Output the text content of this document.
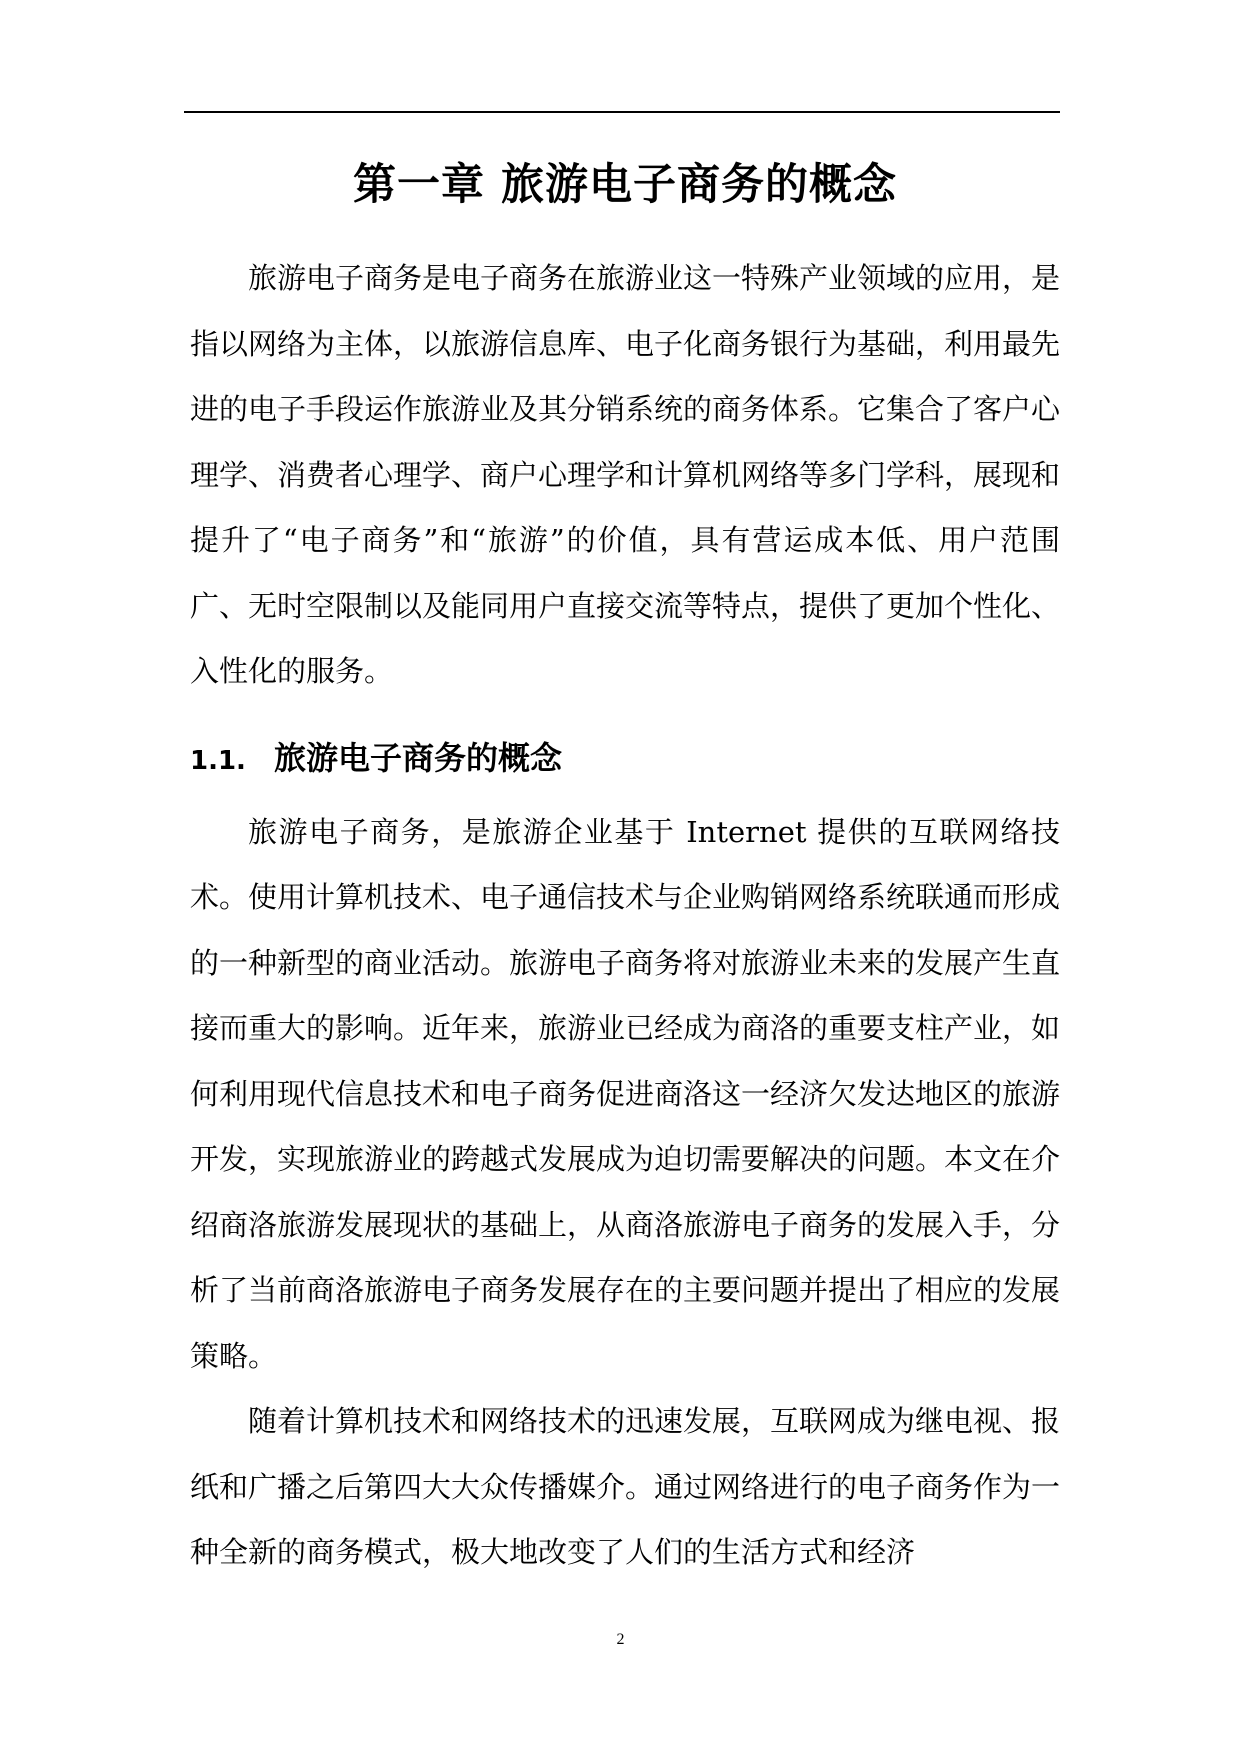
第一章 旅游电子商务的概念

旅游电子商务是电子商务在旅游业这一特殊产业领域的应用，是指以网络为主体，以旅游信息库、电子化商务银行为基础，利用最先进的电子手段运作旅游业及其分销系统的商务体系。它集合了客户心理学、消费者心理学、商户心理学和计算机网络等多门学科，展现和提升了“电子商务”和“旅游”的价值，具有营运成本低、用户范围广、无时空限制以及能同用户直接交流等特点，提供了更加个性化、入性化的服务。

1.1. 旅游电子商务的概念

旅游电子商务，是旅游企业基于 Internet 提供的互联网络技术。使用计算机技术、电子通信技术与企业购销网络系统联通而形成的一种新型的商业活动。旅游电子商务将对旅游业未来的发展产生直接而重大的影响。近年来，旅游业已经成为商洛的重要支柱产业，如何利用现代信息技术和电子商务促进商洛这一经济欠发达地区的旅游开发，实现旅游业的跨越式发展成为迫切需要解决的问题。本文在介绍商洛旅游发展现状的基础上，从商洛旅游电子商务的发展入手，分析了当前商洛旅游电子商务发展存在的主要问题并提出了相应的发展策略。

随着计算机技术和网络技术的迅速发展，互联网成为继电视、报纸和广播之后第四大大众传播媒介。通过网络进行的电子商务作为一种全新的商务模式，极大地改变了人们的生活方式和经济

2
